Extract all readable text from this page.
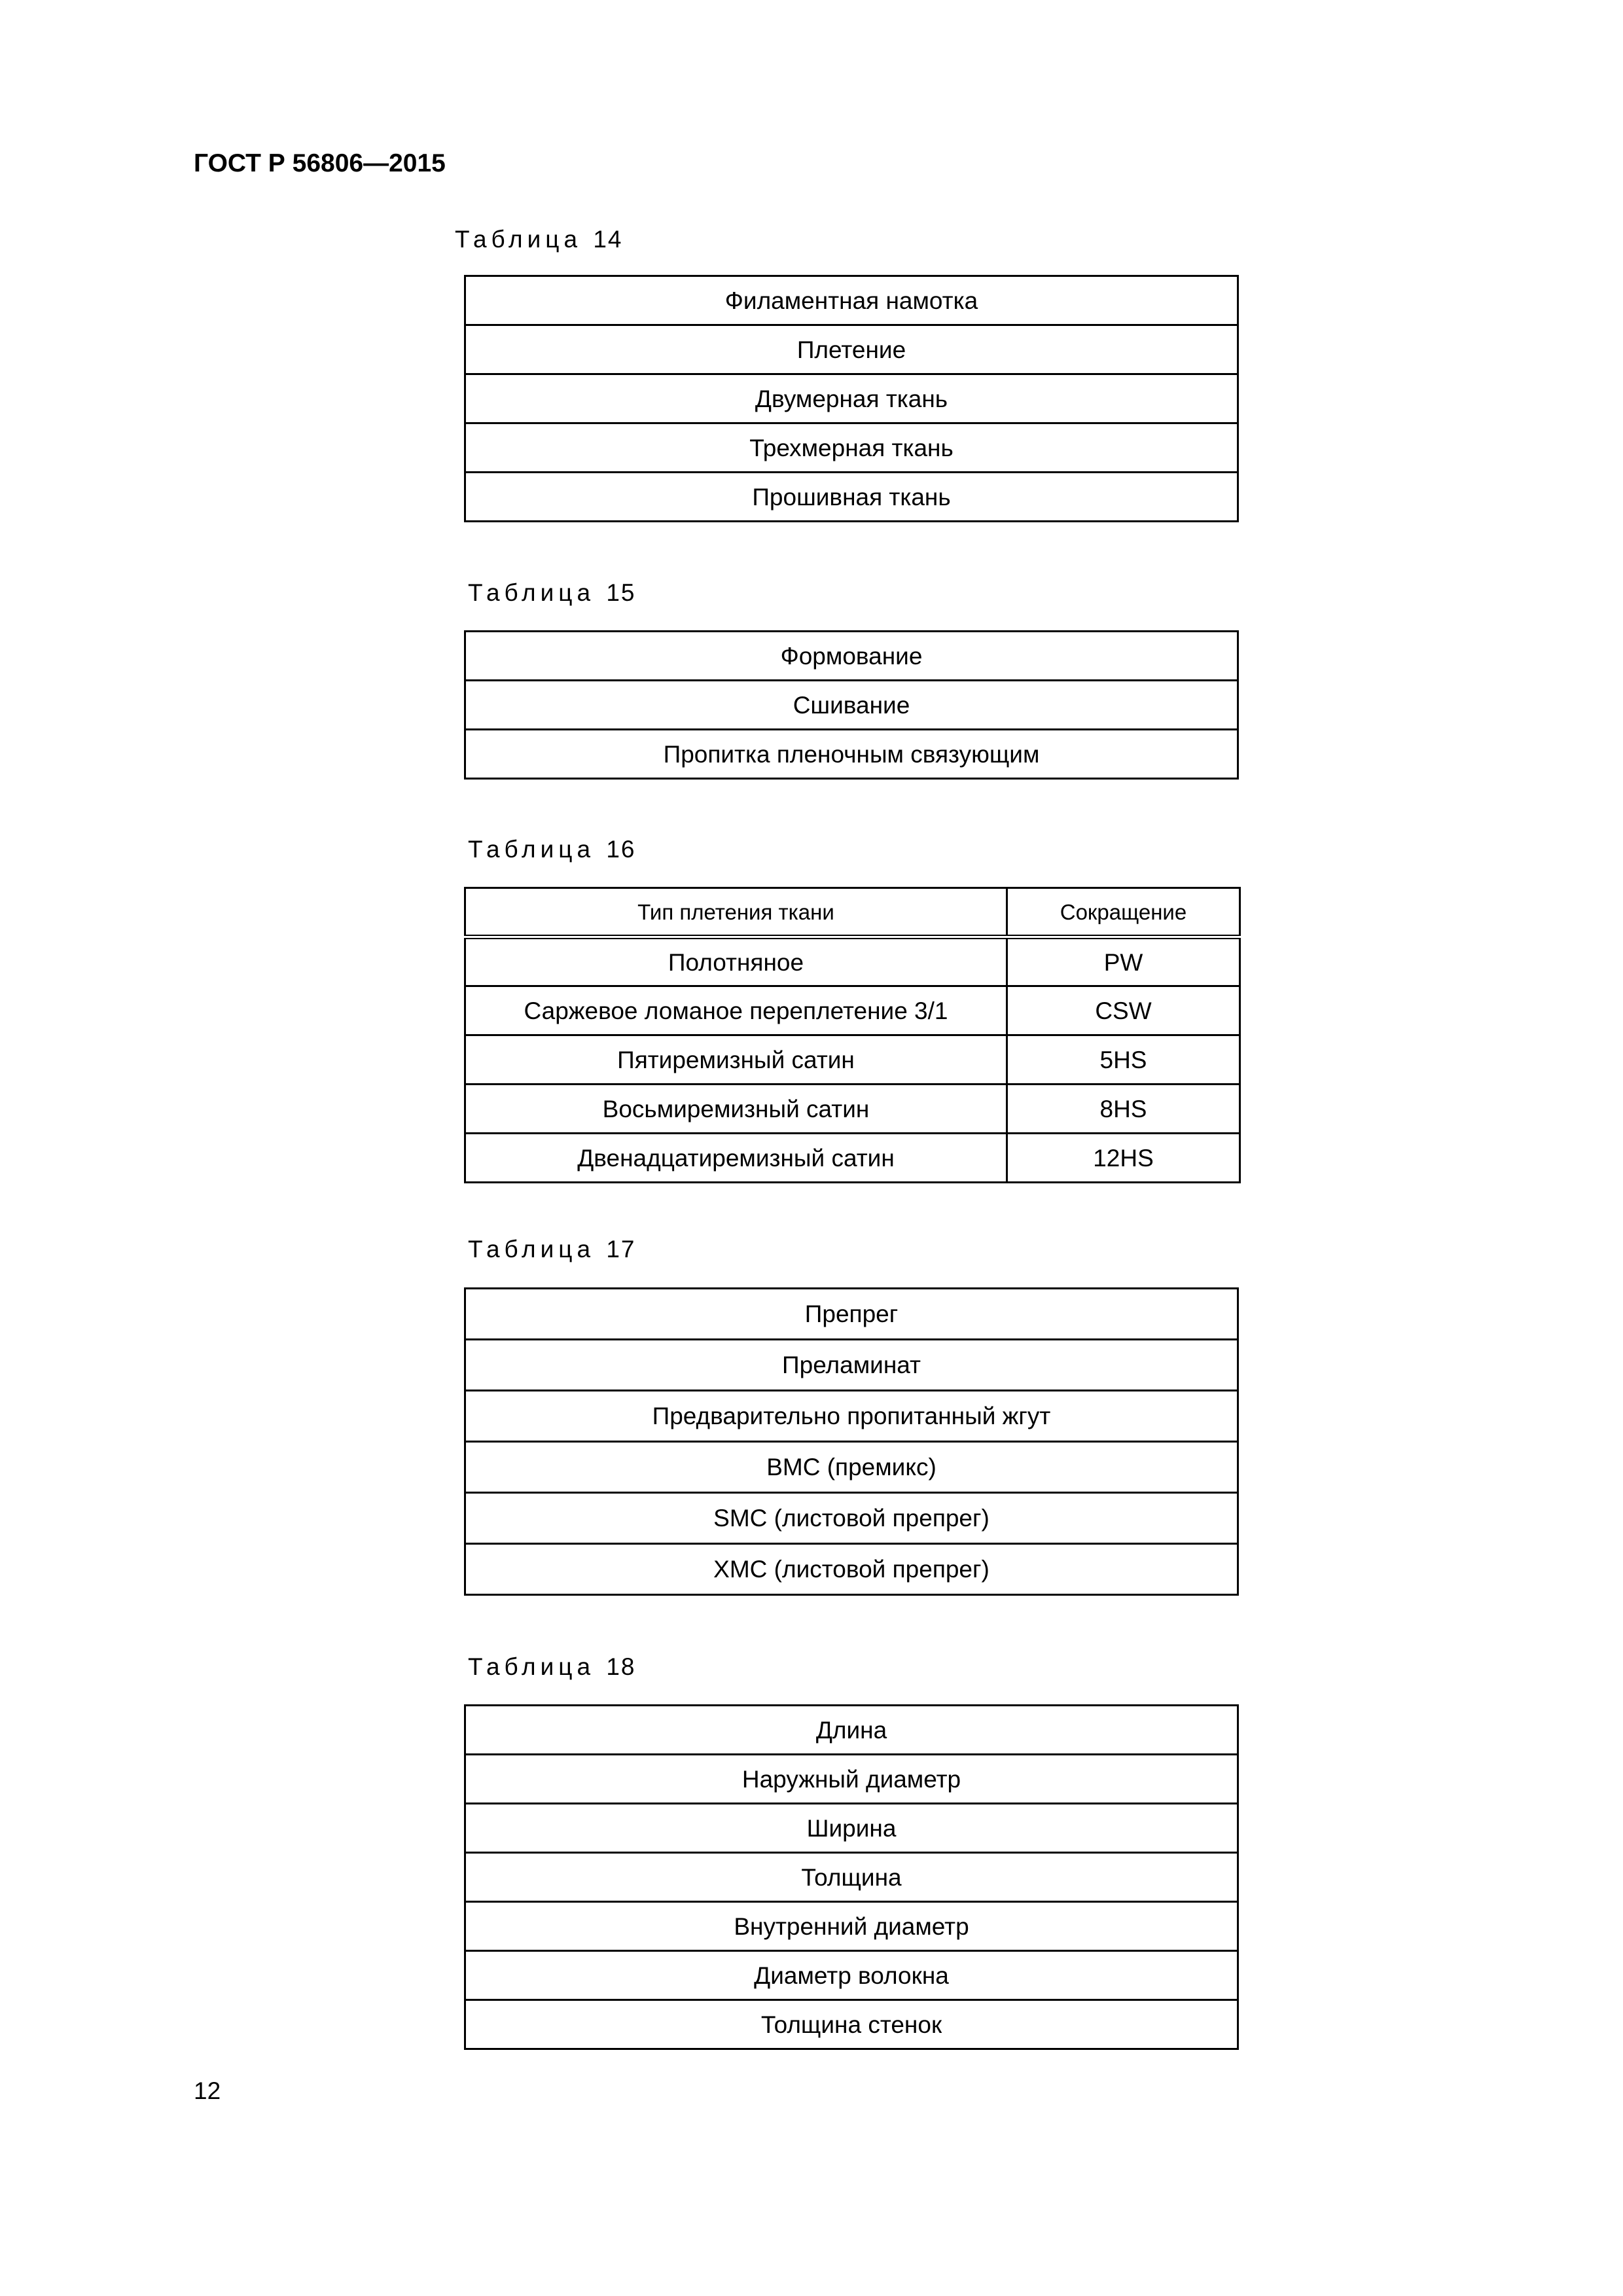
ГОСТ Р 56806—2015
Таблица 14
Филаментная намотка
Плетение
Двумерная ткань
Трехмерная ткань
Прошивная ткань
Таблица 15
Формование
Сшивание
Пропитка пленочным связующим
Таблица 16
Тип плетения ткани	Сокращение
Полотняное	PW
Саржевое ломаное переплетение 3/1	CSW
Пятиремизный сатин	5HS
Восьмиремизный сатин	8HS
Двенадцатиремизный сатин	12HS
Таблица 17
Препрег
Преламинат
Предварительно пропитанный жгут
ВМС (премикс)
SMC (листовой препрег)
ХМС (листовой препрег)
Таблица 18
Длина
Наружный диаметр
Ширина
Толщина
Внутренний диаметр
Диаметр волокна
Толщина стенок
12
